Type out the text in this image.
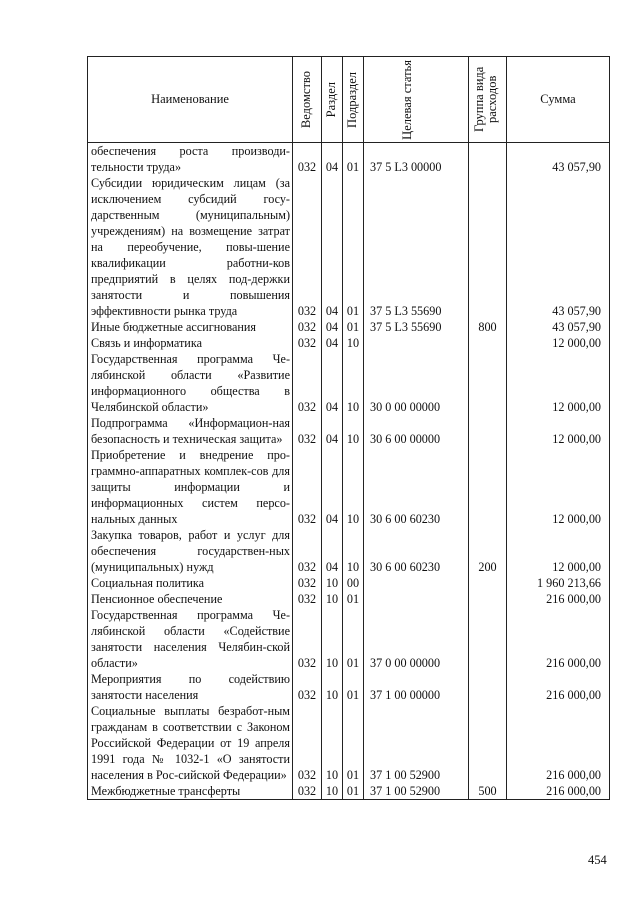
Наименование	Ведомство	Раздел	Подраздел	Целевая статья	Группа вида расходов	Сумма
обеспечения роста производи-тельности труда»	032	04	01	37 5 L3 00000		43 057,90
Субсидии юридическим лицам (за исключением субсидий госу-дарственным (муниципальным) учреждениям) на возмещение затрат на переобучение, повы-шение квалификации работни-ков предприятий в целях под-держки занятости и повышения эффективности рынка труда	032	04	01	37 5 L3 55690		43 057,90
Иные бюджетные ассигнования	032	04	01	37 5 L3 55690	800	43 057,90
Связь и информатика	032	04	10			12 000,00
Государственная программа Че-лябинской области «Развитие информационного общества в Челябинской области»	032	04	10	30 0 00 00000		12 000,00
Подпрограмма «Информацион-ная безопасность и техническая защита»	032	04	10	30 6 00 00000		12 000,00
Приобретение и внедрение про-граммно-аппаратных комплек-сов для защиты информации и информационных систем персо-нальных данных	032	04	10	30 6 00 60230		12 000,00
Закупка товаров, работ и услуг для обеспечения государствен-ных (муниципальных) нужд	032	04	10	30 6 00 60230	200	12 000,00
Социальная политика	032	10	00			1 960 213,66
Пенсионное обеспечение	032	10	01			216 000,00
Государственная программа Че-лябинской области «Содействие занятости населения Челябин-ской области»	032	10	01	37 0 00 00000		216 000,00
Мероприятия по содействию занятости населения	032	10	01	37 1 00 00000		216 000,00
Социальные выплаты безработ-ным гражданам в соответствии с Законом Российской Федерации от 19 апреля 1991 года № 1032-1 «О занятости населения в Рос-сийской Федерации»	032	10	01	37 1 00 52900		216 000,00
Межбюджетные трансферты	032	10	01	37 1 00 52900	500	216 000,00
454
